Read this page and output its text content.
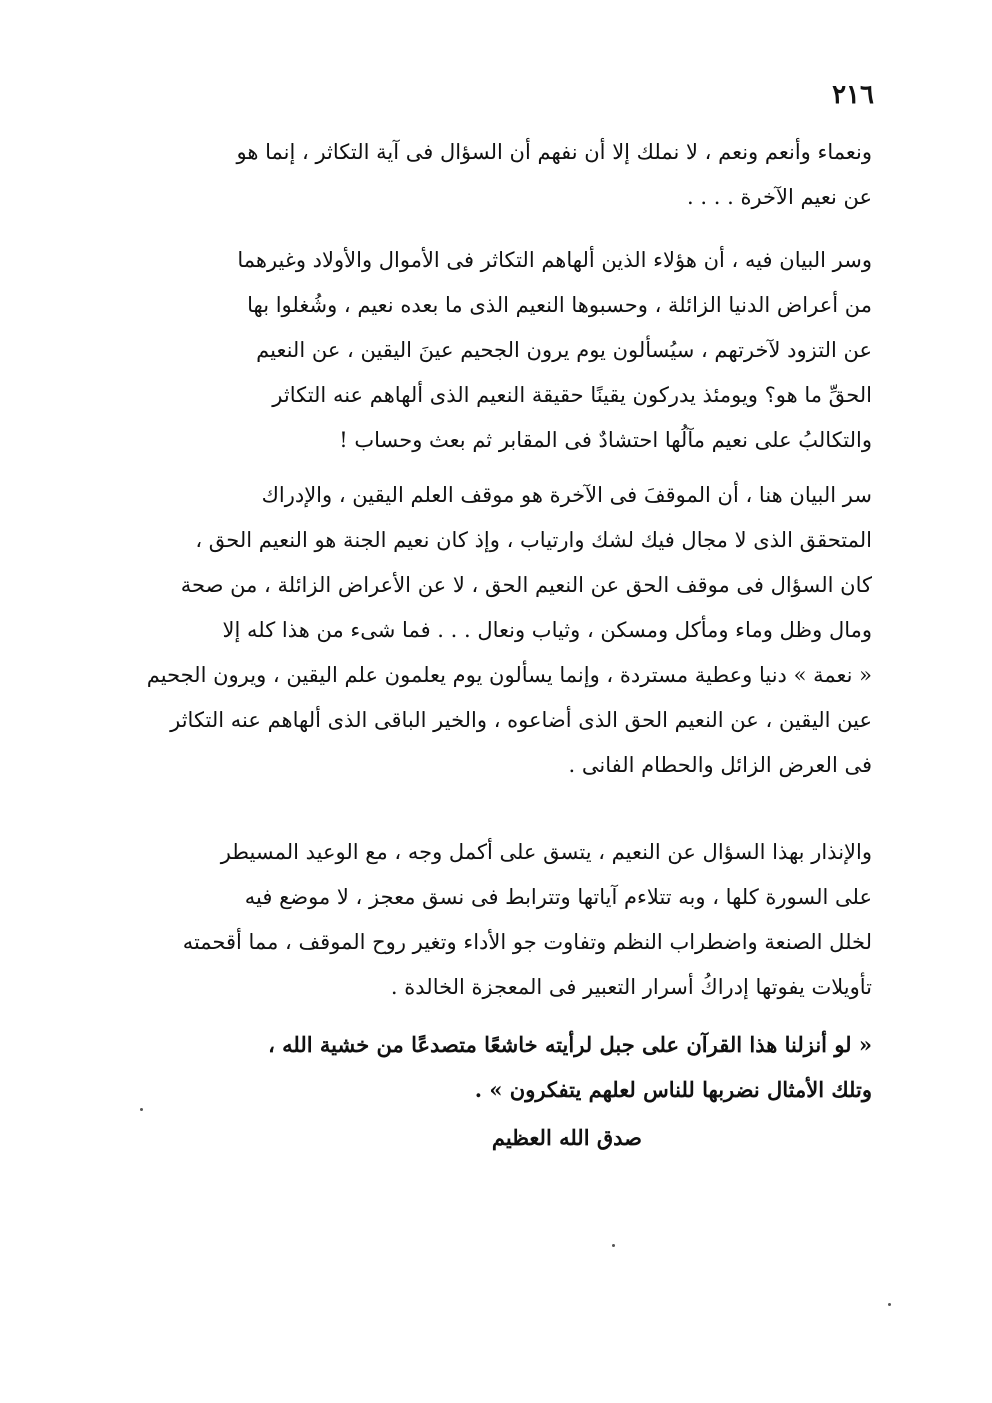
٢١٦
ونعماء وأنعم ونعم ، لا نملك إلا أن نفهم أن السؤال فى آية التكاثر ، إنما هو
عن نعيم الآخرة . . . .
وسر البيان فيه ، أن هؤلاء الذين ألهاهم التكاثر فى الأموال والأولاد وغيرهما
من أعراض الدنيا الزائلة ، وحسبوها النعيم الذى ما بعده نعيم ، وشُغلوا بها
عن التزود لآخرتهم ، سيُسألون يوم يرون الجحيم عينَ اليقين ، عن النعيم
الحقِّ ما هو؟ ويومئذ يدركون يقينًا حقيقة النعيم الذى ألهاهم عنه التكاثر
والتكالبُ على نعيم مآلُها احتشادٌ فى المقابر ثم بعث وحساب !
سر البيان هنا ، أن الموقفَ فى الآخرة هو موقف العلم اليقين ، والإدراك
المتحقق الذى لا مجال فيك لشك وارتياب ، وإذ كان نعيم الجنة هو النعيم الحق ،
كان السؤال فى موقف الحق عن النعيم الحق ، لا عن الأعراض الزائلة ، من صحة
ومال وظل وماء ومأكل ومسكن ، وثياب ونعال . . . فما شىء من هذا كله إلا
« نعمة » دنيا وعطية مستردة ، وإنما يسألون يوم يعلمون علم اليقين ، ويرون الجحيم
عين اليقين ، عن النعيم الحق الذى أضاعوه ، والخير الباقى الذى ألهاهم عنه التكاثر
فى العرض الزائل والحطام الفانى .
والإنذار بهذا السؤال عن النعيم ، يتسق على أكمل وجه ، مع الوعيد المسيطر
على السورة كلها ، وبه تتلاءم آياتها وتترابط فى نسق معجز ، لا موضع فيه
لخلل الصنعة واضطراب النظم وتفاوت جو الأداء وتغير روح الموقف ، مما أقحمته
تأويلات يفوتها إدراكُ أسرار التعبير فى المعجزة الخالدة .
« لو أنزلنا هذا القرآن على جبل لرأيته خاشعًا متصدعًا من خشية الله ،
وتلك الأمثال نضربها للناس لعلهم يتفكرون » .
صدق الله العظيم
